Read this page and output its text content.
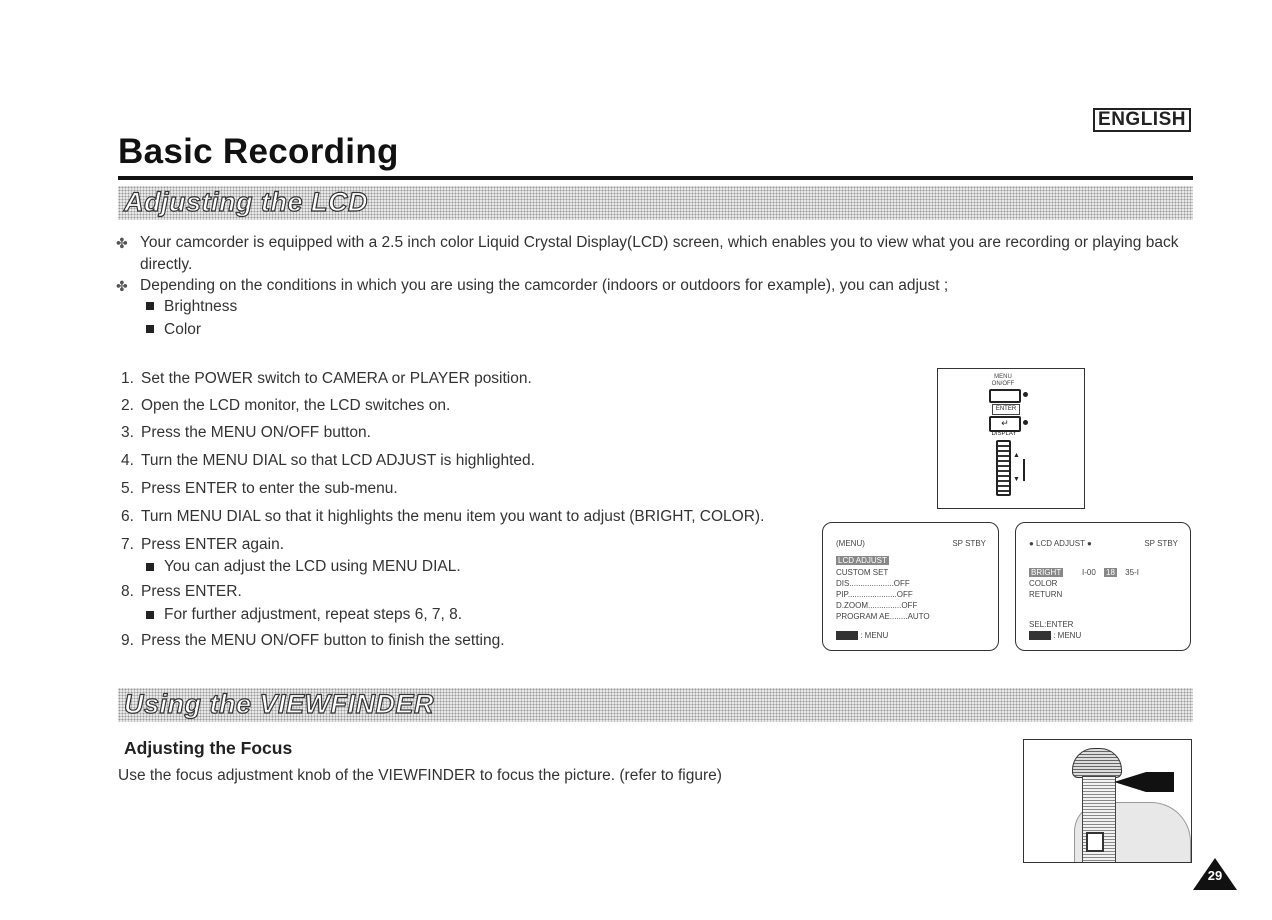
ENGLISH
Basic Recording
Adjusting the LCD
✤ Your camcorder is equipped with a 2.5 inch color Liquid Crystal Display(LCD) screen, which enables you to view what you are recording or playing back directly.
✤ Depending on the conditions in which you are using the camcorder (indoors or outdoors for example), you can adjust ;
Brightness
Color
1. Set the POWER switch to CAMERA or PLAYER position.
2. Open the LCD monitor, the LCD switches on.
3. Press the MENU ON/OFF button.
4. Turn the MENU DIAL so that LCD ADJUST is highlighted.
5. Press ENTER to enter the sub-menu.
6. Turn MENU DIAL so that it highlights the menu item you want to adjust (BRIGHT, COLOR).
7. Press ENTER again.
You can adjust the LCD using MENU DIAL.
8. Press ENTER.
For further adjustment, repeat steps 6, 7, 8.
9. Press the MENU ON/OFF button to finish the setting.
MENU
ON/OFF
ENTER
↵
DISPLAY
▲
▼
(MENU)	SP STBY
LCD ADJUST
CUSTOM SET
DIS....................OFF
PIP......................OFF
D.ZOOM...............OFF
PROGRAM AE........AUTO
: MENU
● LCD ADJUST ●	SP STBY
BRIGHT	I-00 18 35-I
COLOR
RETURN
SEL:ENTER
: MENU
Using the VIEWFINDER
Adjusting the Focus
Use the focus adjustment knob of the VIEWFINDER to focus the picture. (refer to figure)
29
